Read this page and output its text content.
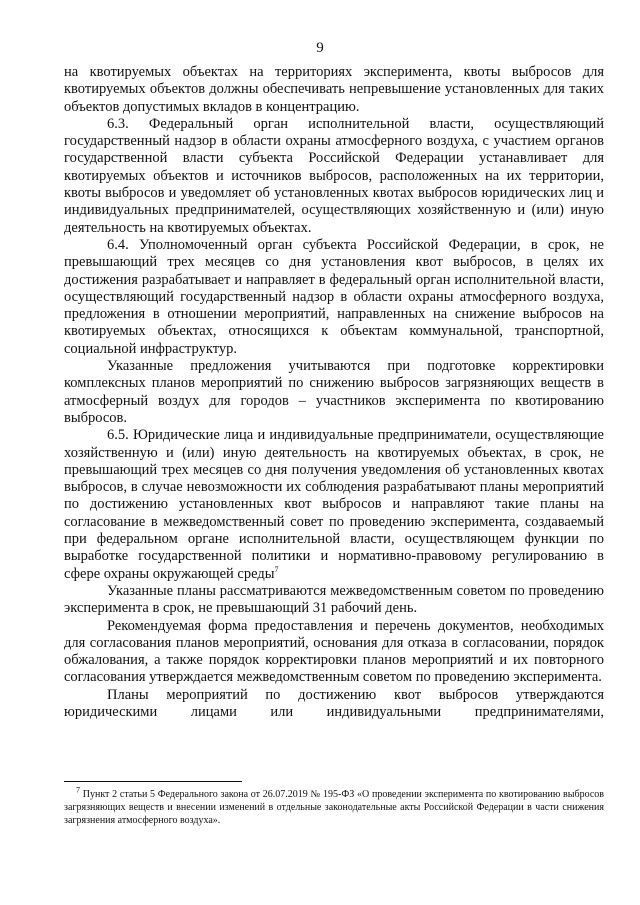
9

на квотируемых объектах на территориях эксперимента, квоты выбросов для квотируемых объектов должны обеспечивать непревышение установленных для таких объектов допустимых вкладов в концентрацию.

6.3. Федеральный орган исполнительной власти, осуществляющий государственный надзор в области охраны атмосферного воздуха, с участием органов государственной власти субъекта Российской Федерации устанавливает для квотируемых объектов и источников выбросов, расположенных на их территории, квоты выбросов и уведомляет об установленных квотах выбросов юридических лиц и индивидуальных предпринимателей, осуществляющих хозяйственную и (или) иную деятельность на квотируемых объектах.

6.4. Уполномоченный орган субъекта Российской Федерации, в срок, не превышающий трех месяцев со дня установления квот выбросов, в целях их достижения разрабатывает и направляет в федеральный орган исполнительной власти, осуществляющий государственный надзор в области охраны атмосферного воздуха, предложения в отношении мероприятий, направленных на снижение выбросов на квотируемых объектах, относящихся к объектам коммунальной, транспортной, социальной инфраструктур.

Указанные предложения учитываются при подготовке корректировки комплексных планов мероприятий по снижению выбросов загрязняющих веществ в атмосферный воздух для городов – участников эксперимента по квотированию выбросов.

6.5. Юридические лица и индивидуальные предприниматели, осуществляющие хозяйственную и (или) иную деятельность на квотируемых объектах, в срок, не превышающий трех месяцев со дня получения уведомления об установленных квотах выбросов, в случае невозможности их соблюдения разрабатывают планы мероприятий по достижению установленных квот выбросов и направляют такие планы на согласование в межведомственный совет по проведению эксперимента, создаваемый при федеральном органе исполнительной власти, осуществляющем функции по выработке государственной политики и нормативно-правовому регулированию в сфере охраны окружающей среды$^7$

Указанные планы рассматриваются межведомственным советом по проведению эксперимента в срок, не превышающий 31 рабочий день.

Рекомендуемая форма предоставления и перечень документов, необходимых для согласования планов мероприятий, основания для отказа в согласовании, порядок обжалования, а также порядок корректировки планов мероприятий и их повторного согласования утверждается межведомственным советом по проведению эксперимента.

Планы мероприятий по достижению квот выбросов утверждаются юридическими лицами или индивидуальными предпринимателями,

$^7$ Пункт 2 статьи 5 Федерального закона от 26.07.2019 № 195-ФЗ «О проведении эксперимента по квотированию выбросов загрязняющих веществ и внесении изменений в отдельные законодательные акты Российской Федерации в части снижения загрязнения атмосферного воздуха».
